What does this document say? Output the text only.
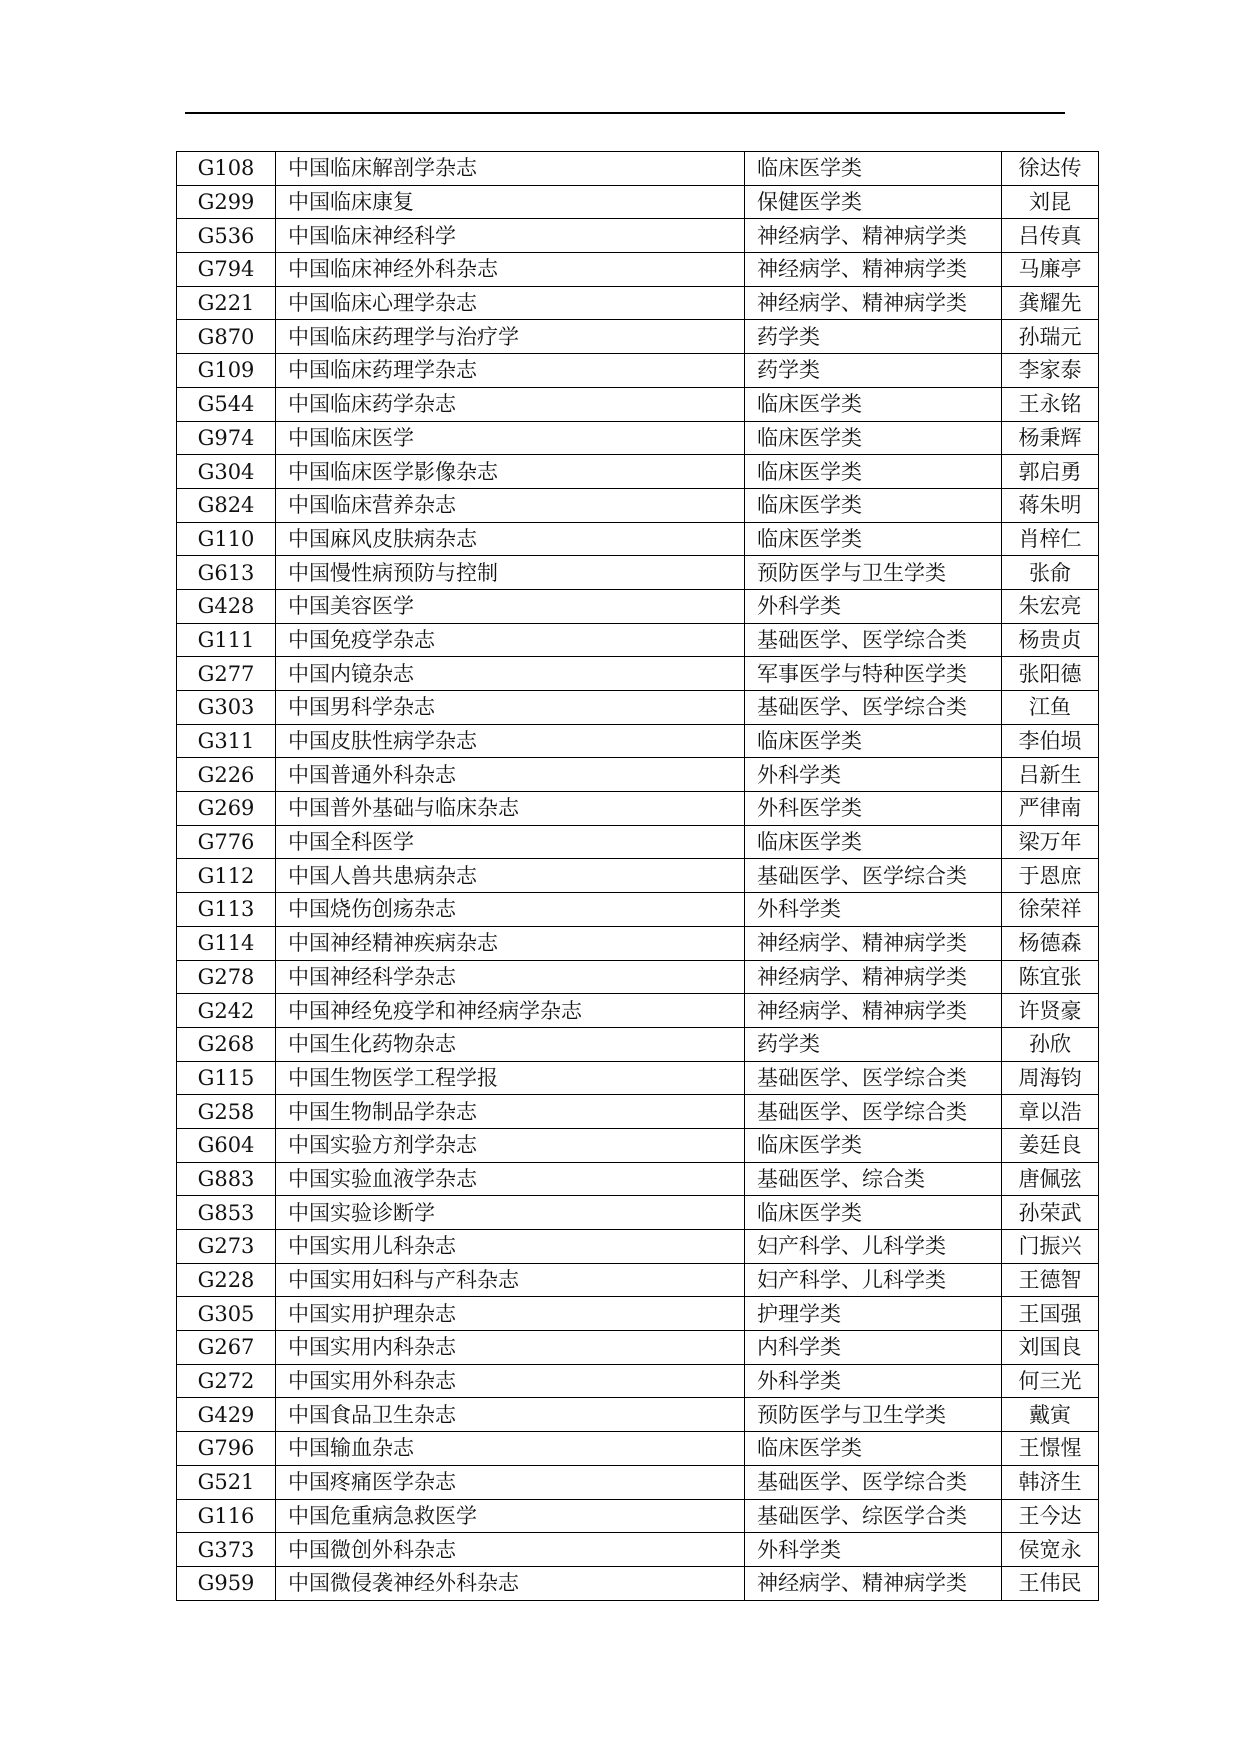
G108	中国临床解剖学杂志	临床医学类	徐达传
G299	中国临床康复	保健医学类	刘昆
G536	中国临床神经科学	神经病学、精神病学类	吕传真
G794	中国临床神经外科杂志	神经病学、精神病学类	马廉亭
G221	中国临床心理学杂志	神经病学、精神病学类	龚耀先
G870	中国临床药理学与治疗学	药学类	孙瑞元
G109	中国临床药理学杂志	药学类	李家泰
G544	中国临床药学杂志	临床医学类	王永铭
G974	中国临床医学	临床医学类	杨秉辉
G304	中国临床医学影像杂志	临床医学类	郭启勇
G824	中国临床营养杂志	临床医学类	蒋朱明
G110	中国麻风皮肤病杂志	临床医学类	肖梓仁
G613	中国慢性病预防与控制	预防医学与卫生学类	张俞
G428	中国美容医学	外科学类	朱宏亮
G111	中国免疫学杂志	基础医学、医学综合类	杨贵贞
G277	中国内镜杂志	军事医学与特种医学类	张阳德
G303	中国男科学杂志	基础医学、医学综合类	江鱼
G311	中国皮肤性病学杂志	临床医学类	李伯埙
G226	中国普通外科杂志	外科学类	吕新生
G269	中国普外基础与临床杂志	外科医学类	严律南
G776	中国全科医学	临床医学类	梁万年
G112	中国人兽共患病杂志	基础医学、医学综合类	于恩庶
G113	中国烧伤创疡杂志	外科学类	徐荣祥
G114	中国神经精神疾病杂志	神经病学、精神病学类	杨德森
G278	中国神经科学杂志	神经病学、精神病学类	陈宜张
G242	中国神经免疫学和神经病学杂志	神经病学、精神病学类	许贤豪
G268	中国生化药物杂志	药学类	孙欣
G115	中国生物医学工程学报	基础医学、医学综合类	周海钧
G258	中国生物制品学杂志	基础医学、医学综合类	章以浩
G604	中国实验方剂学杂志	临床医学类	姜廷良
G883	中国实验血液学杂志	基础医学、综合类	唐佩弦
G853	中国实验诊断学	临床医学类	孙荣武
G273	中国实用儿科杂志	妇产科学、儿科学类	门振兴
G228	中国实用妇科与产科杂志	妇产科学、儿科学类	王德智
G305	中国实用护理杂志	护理学类	王国强
G267	中国实用内科杂志	内科学类	刘国良
G272	中国实用外科杂志	外科学类	何三光
G429	中国食品卫生杂志	预防医学与卫生学类	戴寅
G796	中国输血杂志	临床医学类	王憬惺
G521	中国疼痛医学杂志	基础医学、医学综合类	韩济生
G116	中国危重病急救医学	基础医学、综医学合类	王今达
G373	中国微创外科杂志	外科学类	侯宽永
G959	中国微侵袭神经外科杂志	神经病学、精神病学类	王伟民
